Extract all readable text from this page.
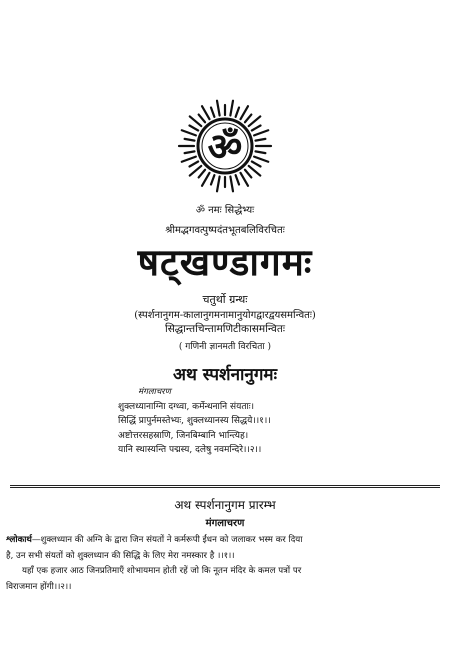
ॐ
ॐ नमः सिद्धेभ्यः
श्रीमद्भगवत्पुष्पदंतभूतबलिविरचितः
षट्खण्डागमः
चतुर्थो ग्रन्थः
(स्पर्शनानुगम-कालानुगमनामानुयोगद्वारद्वयसमन्वितः)
सिद्धान्तचिन्तामणिटीकासमन्वितः
( गणिनी ज्ञानमती विरचिता )
अथ स्पर्शनानुगमः
मंगलाचरण
शुक्लध्यानाग्निा दग्ध्वा, कर्मेन्धनानि संयताः।
सिद्धिं प्रापुर्नमस्तेभ्यः, शुक्लध्यानस्य सिद्धये।।१।।
अष्टोत्तरसहस्राणि, जिनबिम्बानि भान्त्यिह।
यानि स्थास्यन्ति पद्मस्य, दलेषु नवमन्दिरे।।२।।
अथ स्पर्शनानुगम प्रारम्भ
मंगलाचरण
श्लोकार्थ—शुक्लध्यान की अग्नि के द्वारा जिन संयतों ने कर्मरूपी ईंधन को जलाकर भस्म कर दिया
है, उन सभी संयतों को शुक्लध्यान की सिद्धि के लिए मेरा नमस्कार है ।।१।।
यहाँ एक हजार आठ जिनप्रतिमाएँ शोभायमान होती रहें जो कि नूतन मंदिर के कमल पत्रों पर
विराजमान होंगी।।२।।
